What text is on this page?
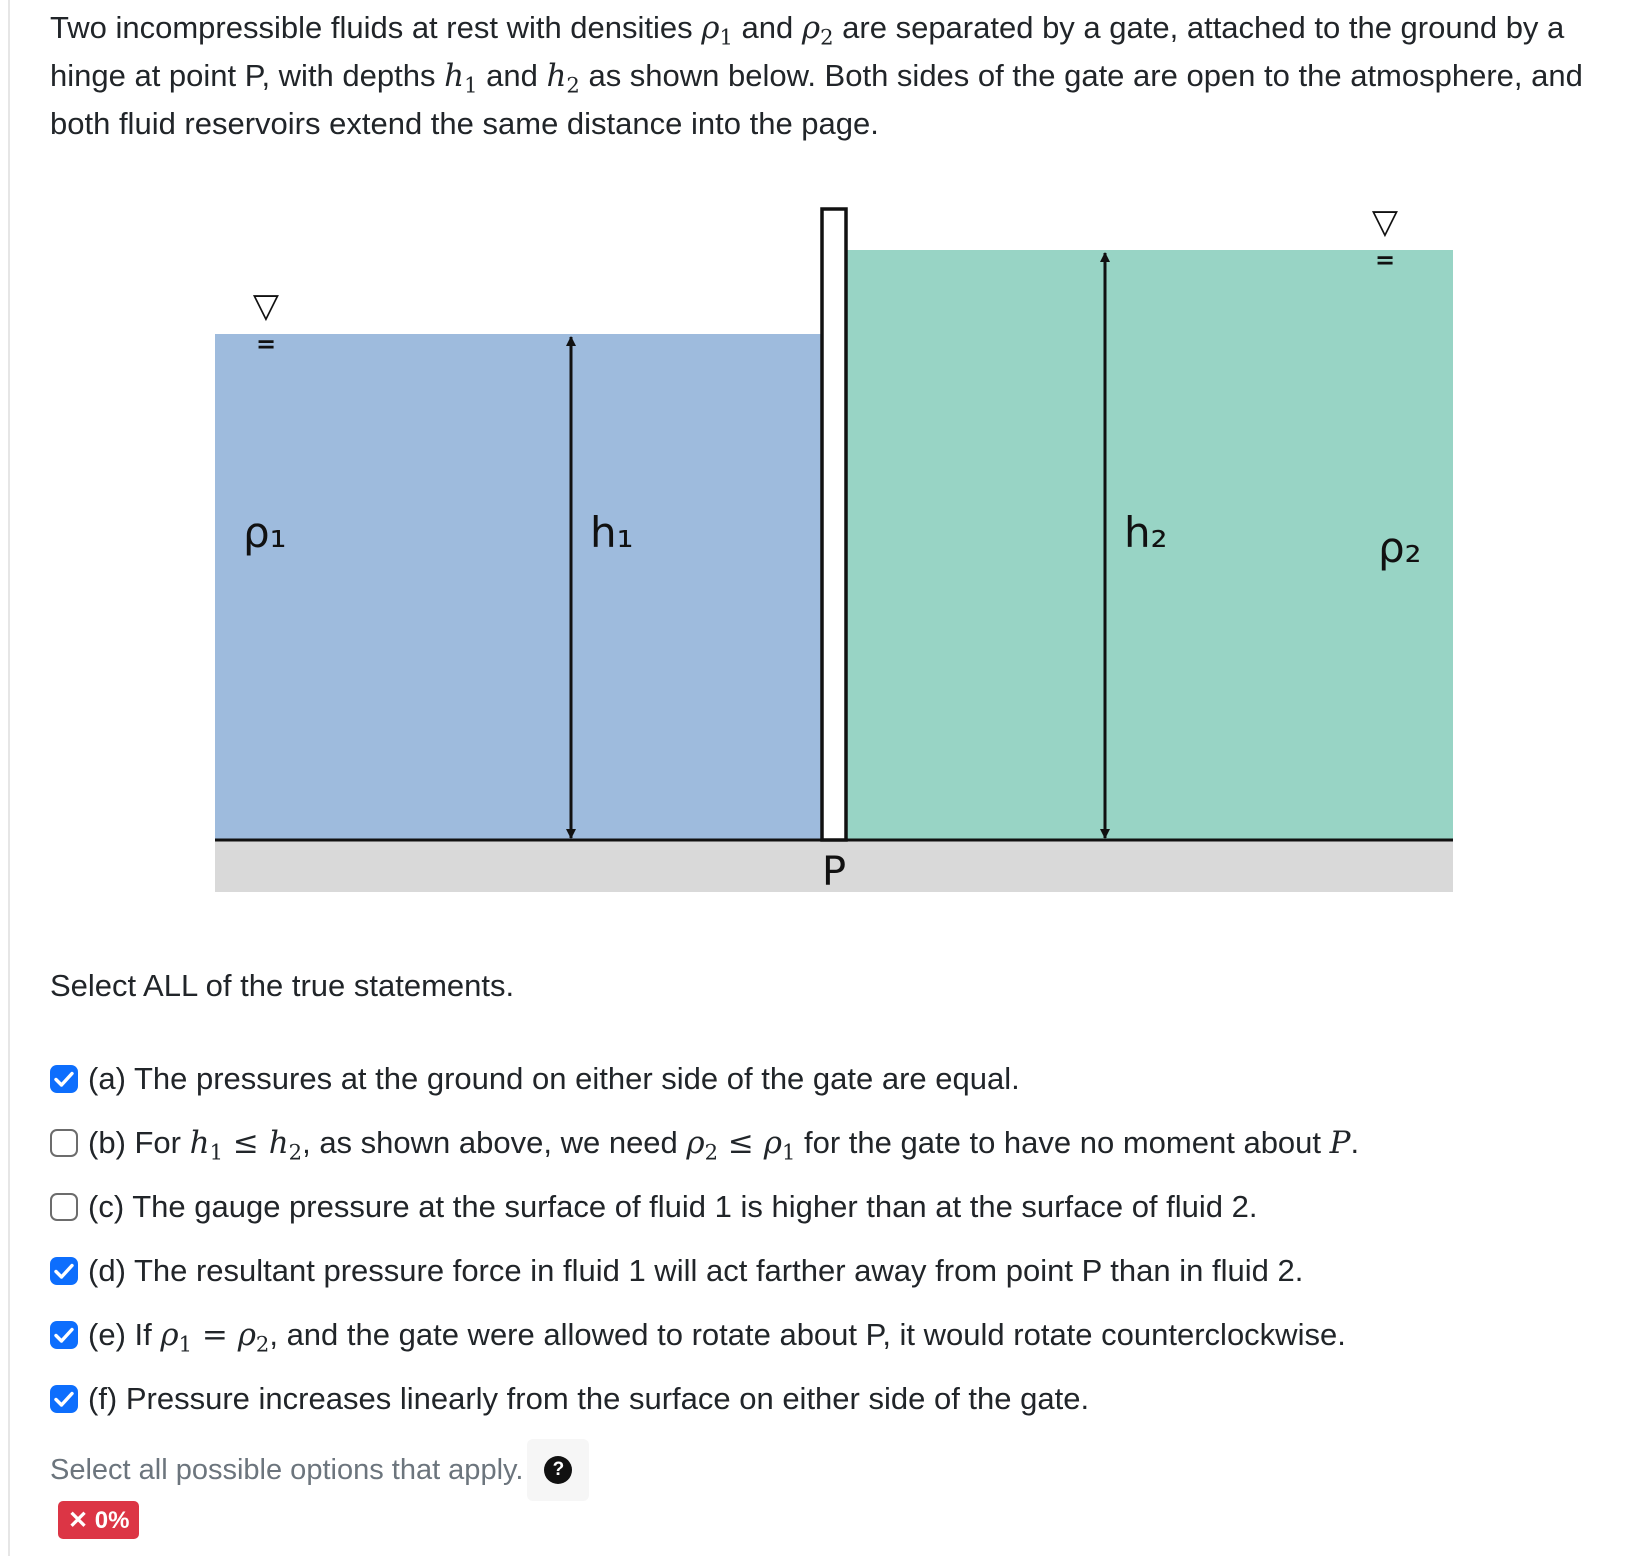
Two incompressible fluids at rest with densities $\rho_1$ and $\rho_2$ are separated by a gate, attached to the ground by a hinge at point P, with depths $h_1$ and $h_2$ as shown below. Both sides of the gate are open to the atmosphere, and both fluid reservoirs extend the same distance into the page.

▽
=
▽
=
ρ₁	h₁	h₂	ρ₂
P

Select ALL of the true statements.

(a) The pressures at the ground on either side of the gate are equal.
(b) For $h_1 \le h_2$, as shown above, we need $\rho_2 \le \rho_1$ for the gate to have no moment about P.
(c) The gauge pressure at the surface of fluid 1 is higher than at the surface of fluid 2.
(d) The resultant pressure force in fluid 1 will act farther away from point P than in fluid 2.
(e) If $\rho_1 = \rho_2$, and the gate were allowed to rotate about P, it would rotate counterclockwise.
(f) Pressure increases linearly from the surface on either side of the gate.
Select all possible options that apply.	?
✕ 0%
